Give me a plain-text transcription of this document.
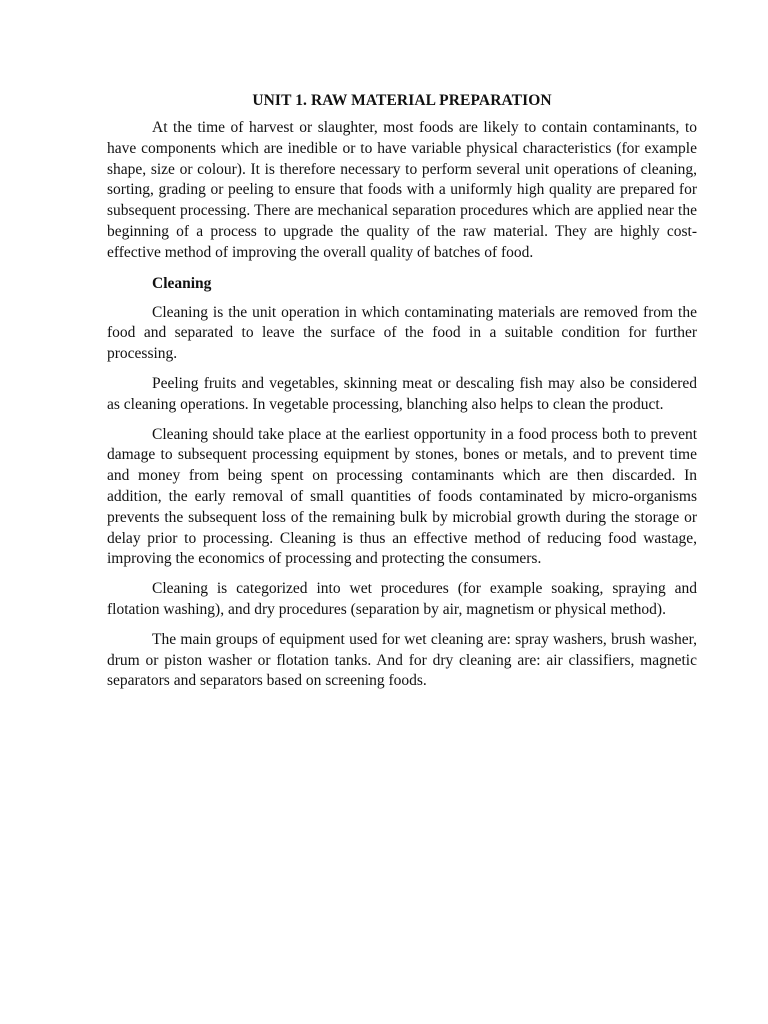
UNIT 1. RAW MATERIAL PREPARATION

At the time of harvest or slaughter, most foods are likely to contain contaminants, to have components which are inedible or to have variable physical characteristics (for example shape, size or colour). It is therefore necessary to perform several unit operations of cleaning, sorting, grading or peeling to ensure that foods with a uniformly high quality are prepared for subsequent processing. There are mechanical separation procedures which are applied near the beginning of a process to upgrade the quality of the raw material. They are highly cost-effective method of improving the overall quality of batches of food.

Cleaning

Cleaning is the unit operation in which contaminating materials are removed from the food and separated to leave the surface of the food in a suitable condition for further processing.

Peeling fruits and vegetables, skinning meat or descaling fish may also be considered as cleaning operations. In vegetable processing, blanching also helps to clean the product.

Cleaning should take place at the earliest opportunity in a food process both to prevent damage to subsequent processing equipment by stones, bones or metals, and to prevent time and money from being spent on processing contaminants which are then discarded. In addition, the early removal of small quantities of foods contaminated by micro-organisms prevents the subsequent loss of the remaining bulk by microbial growth during the storage or delay prior to processing. Cleaning is thus an effective method of reducing food wastage, improving the economics of processing and protecting the consumers.

Cleaning is categorized into wet procedures (for example soaking, spraying and flotation washing), and dry procedures (separation by air, magnetism or physical method).

The main groups of equipment used for wet cleaning are: spray washers, brush washer, drum or piston washer or flotation tanks. And for dry cleaning are: air classifiers, magnetic separators and separators based on screening foods.
